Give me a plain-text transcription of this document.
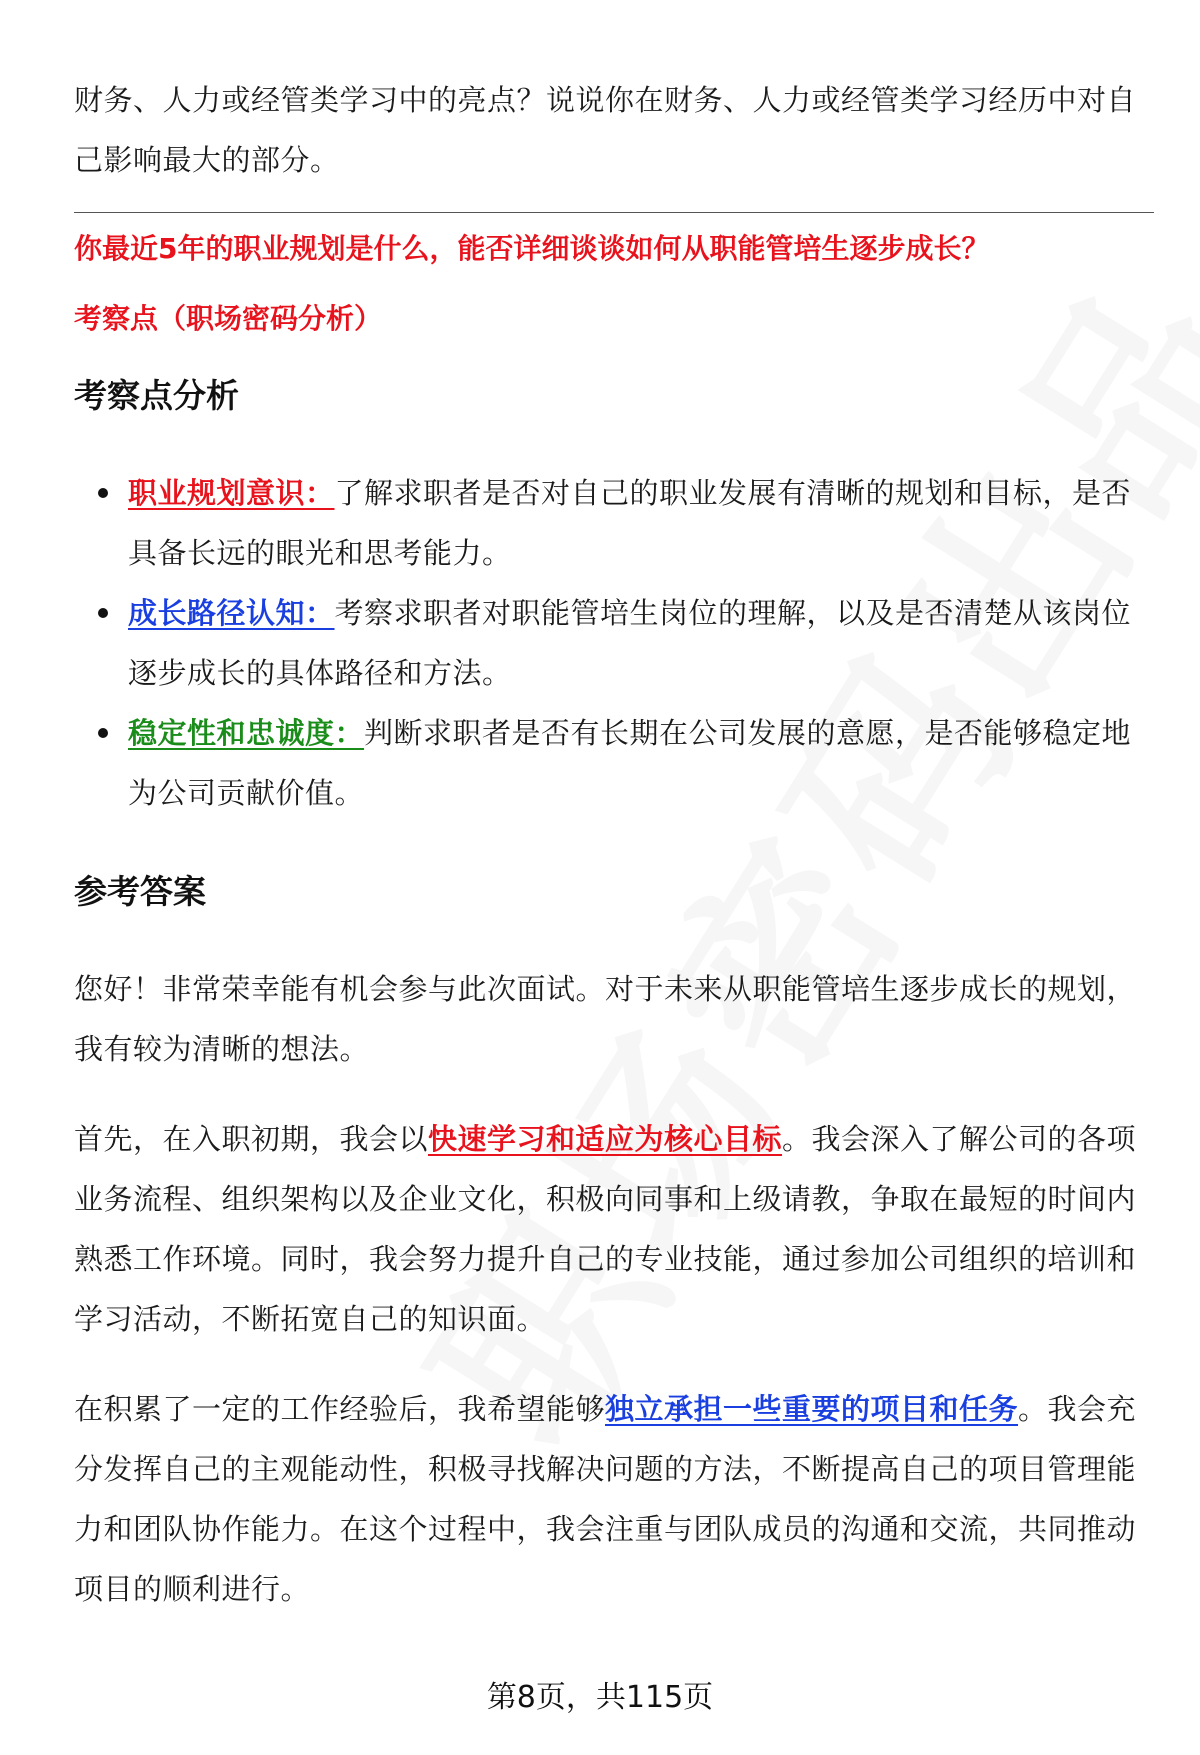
财务、人力或经管类学习中的亮点？说说你在财务、人力或经管类学习经历中对自己影响最大的部分。

你最近5年的职业规划是什么，能否详细谈谈如何从职能管培生逐步成长？
考察点（职场密码分析）
考察点分析
职业规划意识：了解求职者是否对自己的职业发展有清晰的规划和目标，是否具备长远的眼光和思考能力。
成长路径认知：考察求职者对职能管培生岗位的理解，以及是否清楚从该岗位逐步成长的具体路径和方法。
稳定性和忠诚度：判断求职者是否有长期在公司发展的意愿，是否能够稳定地为公司贡献价值。
参考答案

您好！非常荣幸能有机会参与此次面试。对于未来从职能管培生逐步成长的规划，我有较为清晰的想法。

首先，在入职初期，我会以快速学习和适应为核心目标。我会深入了解公司的各项业务流程、组织架构以及企业文化，积极向同事和上级请教，争取在最短的时间内熟悉工作环境。同时，我会努力提升自己的专业技能，通过参加公司组织的培训和学习活动，不断拓宽自己的知识面。

在积累了一定的工作经验后，我希望能够独立承担一些重要的项目和任务。我会充分发挥自己的主观能动性，积极寻找解决问题的方法，不断提高自己的项目管理能力和团队协作能力。在这个过程中，我会注重与团队成员的沟通和交流，共同推动项目的顺利进行。

第8页，共115页
